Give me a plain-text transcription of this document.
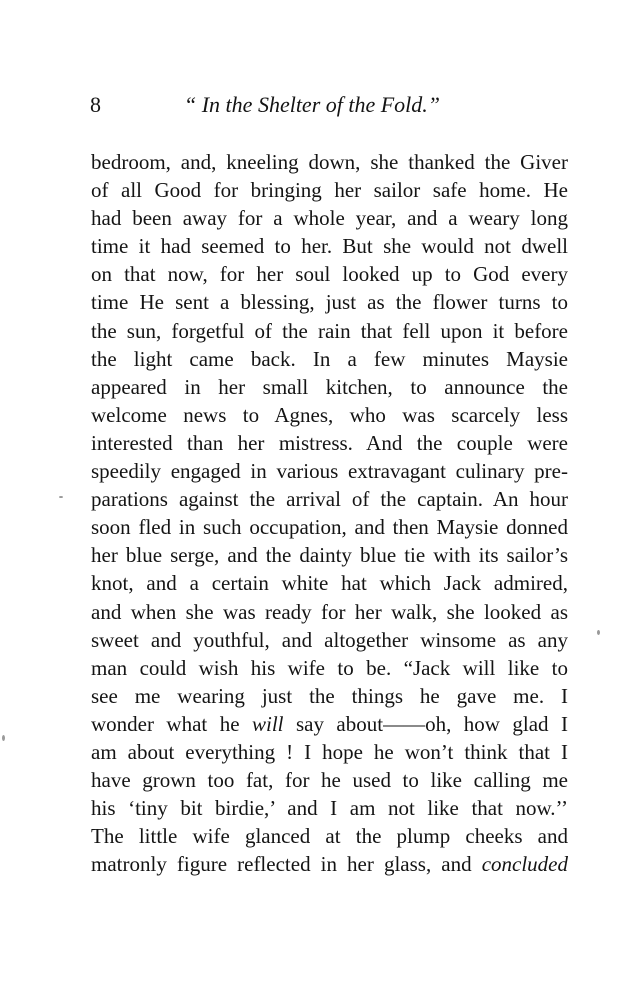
8	“ In the Shelter of the Fold.”
bedroom, and, kneeling down, she thanked the Giver
of all Good for bringing her sailor safe home. He
had been away for a whole year, and a weary long
time it had seemed to her. But she would not dwell
on that now, for her soul looked up to God every
time He sent a blessing, just as the flower turns to
the sun, forgetful of the rain that fell upon it before
the light came back. In a few minutes Maysie
appeared in her small kitchen, to announce the
welcome news to Agnes, who was scarcely less
interested than her mistress. And the couple were
speedily engaged in various extravagant culinary pre-
parations against the arrival of the captain. An hour
soon fled in such occupation, and then Maysie donned
her blue serge, and the dainty blue tie with its sailor’s
knot, and a certain white hat which Jack admired,
and when she was ready for her walk, she looked as
sweet and youthful, and altogether winsome as any
man could wish his wife to be. “Jack will like to
see me wearing just the things he gave me. I
wonder what he will say about——oh, how glad I
am about everything ! I hope he won’t think that I
have grown too fat, for he used to like calling me
his ‘tiny bit birdie,’ and I am not like that now.’’
The little wife glanced at the plump cheeks and
matronly figure reflected in her glass, and concluded
